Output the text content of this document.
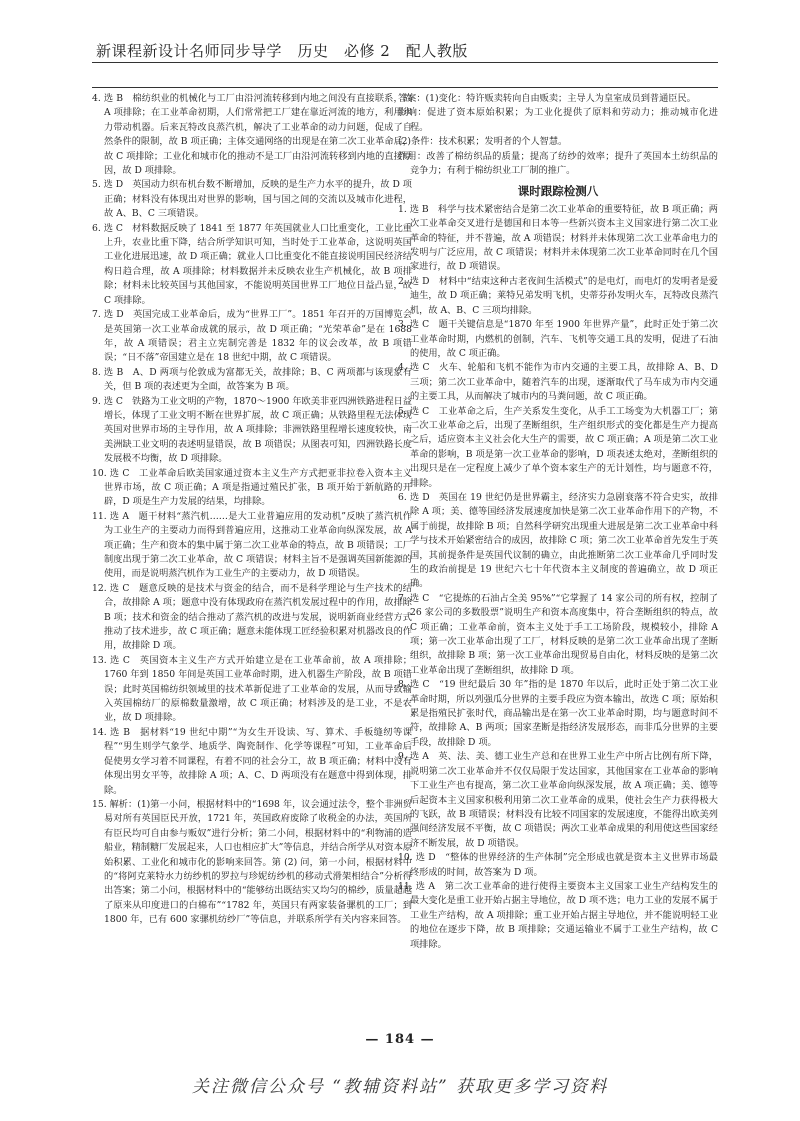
新课程新设计名师同步导学　历史　必修 2　配人教版

4. 选 B　棉纺织业的机械化与工厂由沿河流转移到内地之间没有直接联系，故 A 项排除；在工业革命初期，人们常常把工厂建在靠近河流的地方，利用水力带动机器。后来瓦特改良蒸汽机，解决了工业革命的动力问题，促成了自然条件的限制，故 B 项正确；主体交通网络的出现是在第二次工业革命后，故 C 项排除；工业化和城市化的推动不是工厂由沿河流转移到内地的直接原因，故 D 项排除。

5. 选 D　英国动力织布机台数不断增加，反映的是生产力水平的提升，故 D 项正确；材料没有体现出对世界的影响，国与国之间的交流以及城市化进程，故 A、B、C 三项错误。

6. 选 C　材料数据反映了 1841 至 1877 年英国就业人口比重变化，工业比重上升，农业比重下降，结合所学知识可知，当时处于工业革命，这说明英国工业化进展迅速，故 D 项正确；就业人口比重变化不能直接说明国民经济结构日趋合理，故 A 项排除；材料数据并未反映农业生产机械化，故 B 项排除；材料未比较英国与其他国家，不能说明英国世界工厂地位日益凸显，故 C 项排除。

7. 选 D　英国完成工业革命后，成为“世界工厂”。1851 年召开的万国博览会是英国第一次工业革命成就的展示，故 D 项正确；“光荣革命”是在 1688 年，故 A 项错误；君主立宪制完善是 1832 年的议会改革，故 B 项错误；“日不落”帝国建立是在 18 世纪中期，故 C 项错误。

8. 选 B　A、D 两项与伦敦成为富都无关，故排除；B、C 两项都与该现象有关，但 B 项的表述更为全面，故答案为 B 项。

9. 选 C　铁路为工业文明的产物，1870～1900 年欧美非亚四洲铁路进程日益增长，体现了工业文明不断在世界扩展，故 C 项正确；从铁路里程无法体现英国对世界市场的主导作用，故 A 项排除；非洲铁路里程增长速度较快，南美洲缺工业文明的表述明显错误，故 B 项错误；从图表可知，四洲铁路长度发展极不均衡，故 D 项排除。

10. 选 C　工业革命后欧美国家通过资本主义生产方式把亚非拉卷入资本主义世界市场，故 C 项正确；A 项是指通过殖民扩张，B 项开始于新航路的开辟，D 项是生产力发展的结果，均排除。

11. 选 A　题干材料“蒸汽机……是大工业普遍应用的发动机”反映了蒸汽机作为工业生产的主要动力而得到普遍应用，这推动工业革命向纵深发展，故 A 项正确；生产和资本的集中属于第二次工业革命的特点，故 B 项错误；工厂制度出现于第二次工业革命，故 C 项错误；材料主旨不是强调英国新能源的使用，而是说明蒸汽机作为工业生产的主要动力，故 D 项错误。

12. 选 C　题意反映的是技术与资金的结合，而不是科学理论与生产技术的结合，故排除 A 项；题意中没有体现政府在蒸汽机发展过程中的作用，故排除 B 项；技术和资金的结合推动了蒸汽机的改进与发展，说明新商业经营方式推动了技术进步，故 C 项正确；题意未能体现工匠经验积累对机器改良的作用，故排除 D 项。

13. 选 C　英国资本主义生产方式开始建立是在工业革命前，故 A 项排除；1760 年到 1850 年间是英国工业革命时期，进入机器生产阶段，故 B 项错误；此时英国棉纺织领域里的技术革新促进了工业革命的发展，从而导致输入英国棉纺厂的原棉数量激增，故 C 项正确；材料涉及的是工业，不是农业，故 D 项排除。

14. 选 B　据材料“19 世纪中期”“为女生开设读、写、算术、手板缝纫等课程”“男生则学气象学、地质学、陶瓷制作、化学等课程”可知，工业革命后促使男女学习着不同课程，有着不同的社会分工，故 B 项正确；材料中没有体现出男女平等，故排除 A 项；A、C、D 两项没有在题意中得到体现，排除。

15. 解析：(1)第一小问，根据材料中的“1698 年，议会通过法令，整个非洲贸易对所有英国臣民开放，1721 年，英国政府废除了收税金的办法，英国所有臣民均可自由参与贩奴”进行分析；第二小问，根据材料中的“利物浦的造船业，精制糖厂发展起来，人口也相应扩大”等信息，并结合所学从对资本原始积累、工业化和城市化的影响来回答。第 (2) 问，第一小问，根据材料中的“将阿克莱特水力纺纱机的罗拉与珍妮纺纱机的移动式滑架相结合”分析得出答案；第二小问，根据材料中的“能够纺出既结实又均匀的棉纱，质量超越了原来从印度进口的白棉布”“1782 年，英国只有两家装备骡机的工厂；到 1800 年，已有 600 家骡机纺纱厂”等信息，并联系所学有关内容来回答。

答案：(1)变化：特许贩卖转向自由贩卖；主导人为皇室成员到普通臣民。

影响：促进了资本原始积累；为工业化提供了原料和劳动力；推动城市化进程。

(2)条件：技术积累；发明者的个人智慧。

作用：改善了棉纺织品的质量；提高了纺纱的效率；提升了英国本土纺织品的竞争力；有利于棉纺织业工厂制的推广。

课时跟踪检测八

1. 选 B　科学与技术紧密结合是第二次工业革命的重要特征，故 B 项正确；两次工业革命交叉进行是德国和日本等一些新兴资本主义国家进行第二次工业革命的特征，并不普遍，故 A 项错误；材料并未体现第二次工业革命电力的发明与广泛应用，故 C 项错误；材料并未体现第二次工业革命同时在几个国家进行，故 D 项错误。

2. 选 D　材料中“结束这种古老夜间生活模式”的是电灯，而电灯的发明者是爱迪生，故 D 项正确；莱特兄弟发明飞机，史蒂芬孙发明火车，瓦特改良蒸汽机，故 A、B、C 三项均排除。

3. 选 C　题干关键信息是“1870 年至 1900 年世界产量”，此时正处于第二次工业革命时期，内燃机的创制，汽车、飞机等交通工具的发明，促进了石油的使用，故 C 项正确。

4. 选 C　火车、轮船和飞机不能作为市内交通的主要工具，故排除 A、B、D 三项；第二次工业革命中，随着汽车的出现，逐渐取代了马车成为市内交通的主要工具，从而解决了城市内的马粪问题，故 C 项正确。

5. 选 C　工业革命之后，生产关系发生变化，从手工工场变为大机器工厂；第二次工业革命之后，出现了垄断组织，生产组织形式的变化都是生产力提高之后，适应资本主义社会化大生产的需要，故 C 项正确；A 项是第二次工业革命的影响，B 项是第一次工业革命的影响，D 项表述太绝对，垄断组织的出现只是在一定程度上减少了单个资本家生产的无计划性，均与题意不符，排除。

6. 选 D　英国在 19 世纪仍是世界霸主，经济实力急剧衰落不符合史实，故排除 A 项；美、德等国经济发展速度加快是第二次工业革命作用下的产物，不属于前提，故排除 B 项；自然科学研究出现重大进展是第二次工业革命中科学与技术开始紧密结合的成因，故排除 C 项；第二次工业革命首先发生于英国，其前提条件是英国代议制的确立，由此推断第二次工业革命几乎同时发生的政治前提是 19 世纪六七十年代资本主义制度的普遍确立，故 D 项正确。

7. 选 C　“它提炼的石油占全美 95%”“它掌握了 14 家公司的所有权，控制了 26 家公司的多数股票”说明生产和资本高度集中，符合垄断组织的特点，故 C 项正确；工业革命前，资本主义处于手工工场阶段，规模较小，排除 A 项；第一次工业革命出现了工厂，材料反映的是第二次工业革命出现了垄断组织，故排除 B 项；第一次工业革命出现贸易自由化，材料反映的是第二次工业革命出现了垄断组织，故排除 D 项。

8. 选 C　“19 世纪最后 30 年”指的是 1870 年以后，此时正处于第二次工业革命时期，所以列强瓜分世界的主要手段应为资本输出，故选 C 项；原始积累是指殖民扩张时代，商品输出是在第一次工业革命时期，均与题意时间不符，故排除 A、B 两项；国家垄断是指经济发展形态，而非瓜分世界的主要手段，故排除 D 项。

9. 选 A　英、法、美、德工业生产总和在世界工业生产中所占比例有所下降，说明第二次工业革命并不仅仅局限于发达国家，其他国家在工业革命的影响下工业生产也有提高，第二次工业革命向纵深发展，故 A 项正确；美、德等后起资本主义国家积极利用第二次工业革命的成果，使社会生产力获得极大的飞跃，故 B 项错误；材料没有比较不同国家的发展速度，不能得出欧美列强间经济发展不平衡，故 C 项错误；两次工业革命成果的利用使这些国家经济不断发展，故 D 项错误。

10. 选 D　“整体的世界经济的生产体制”完全形成也就是资本主义世界市场最终形成的时间，故答案为 D 项。

11. 选 A　第二次工业革命的进行使得主要资本主义国家工业生产结构发生的最大变化是重工业开始占据主导地位，故 D 项不选；电力工业的发展不属于工业生产结构，故 A 项排除；重工业开始占据主导地位，并不能说明轻工业的地位在逐步下降，故 B 项排除；交通运输业不属于工业生产结构，故 C 项排除。

— 184 —
关注微信公众号 “教辅资料站” 获取更多学习资料
